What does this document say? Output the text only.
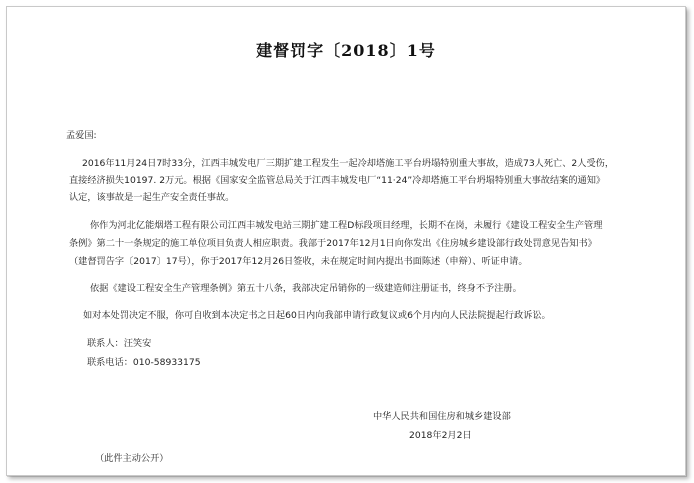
建督罚字〔2018〕1号
孟爱国:
2016年11月24日7时33分，江西丰城发电厂三期扩建工程发生一起冷却塔施工平台坍塌特别重大事故，造成73人死亡、2人受伤，
直接经济损失10197. 2万元。根据《国家安全监管总局关于江西丰城发电厂“11·24”冷却塔施工平台坍塌特别重大事故结案的通知》
认定，该事故是一起生产安全责任事故。
你作为河北亿能烟塔工程有限公司江西丰城发电站三期扩建工程D标段项目经理，长期不在岗，未履行《建设工程安全生产管理
条例》第二十一条规定的施工单位项目负责人相应职责。我部于2017年12月1日向你发出《住房城乡建设部行政处罚意见告知书》
（建督罚告字〔2017〕17号），你于2017年12月26日签收，未在规定时间内提出书面陈述（申辩）、听证申请。
依据《建设工程安全生产管理条例》第五十八条，我部决定吊销你的一级建造师注册证书，终身不予注册。
如对本处罚决定不服，你可自收到本决定书之日起60日内向我部申请行政复议或6个月内向人民法院提起行政诉讼。
联系人：汪笑安
联系电话：010-58933175
中华人民共和国住房和城乡建设部
2018年2月2日
（此件主动公开）
